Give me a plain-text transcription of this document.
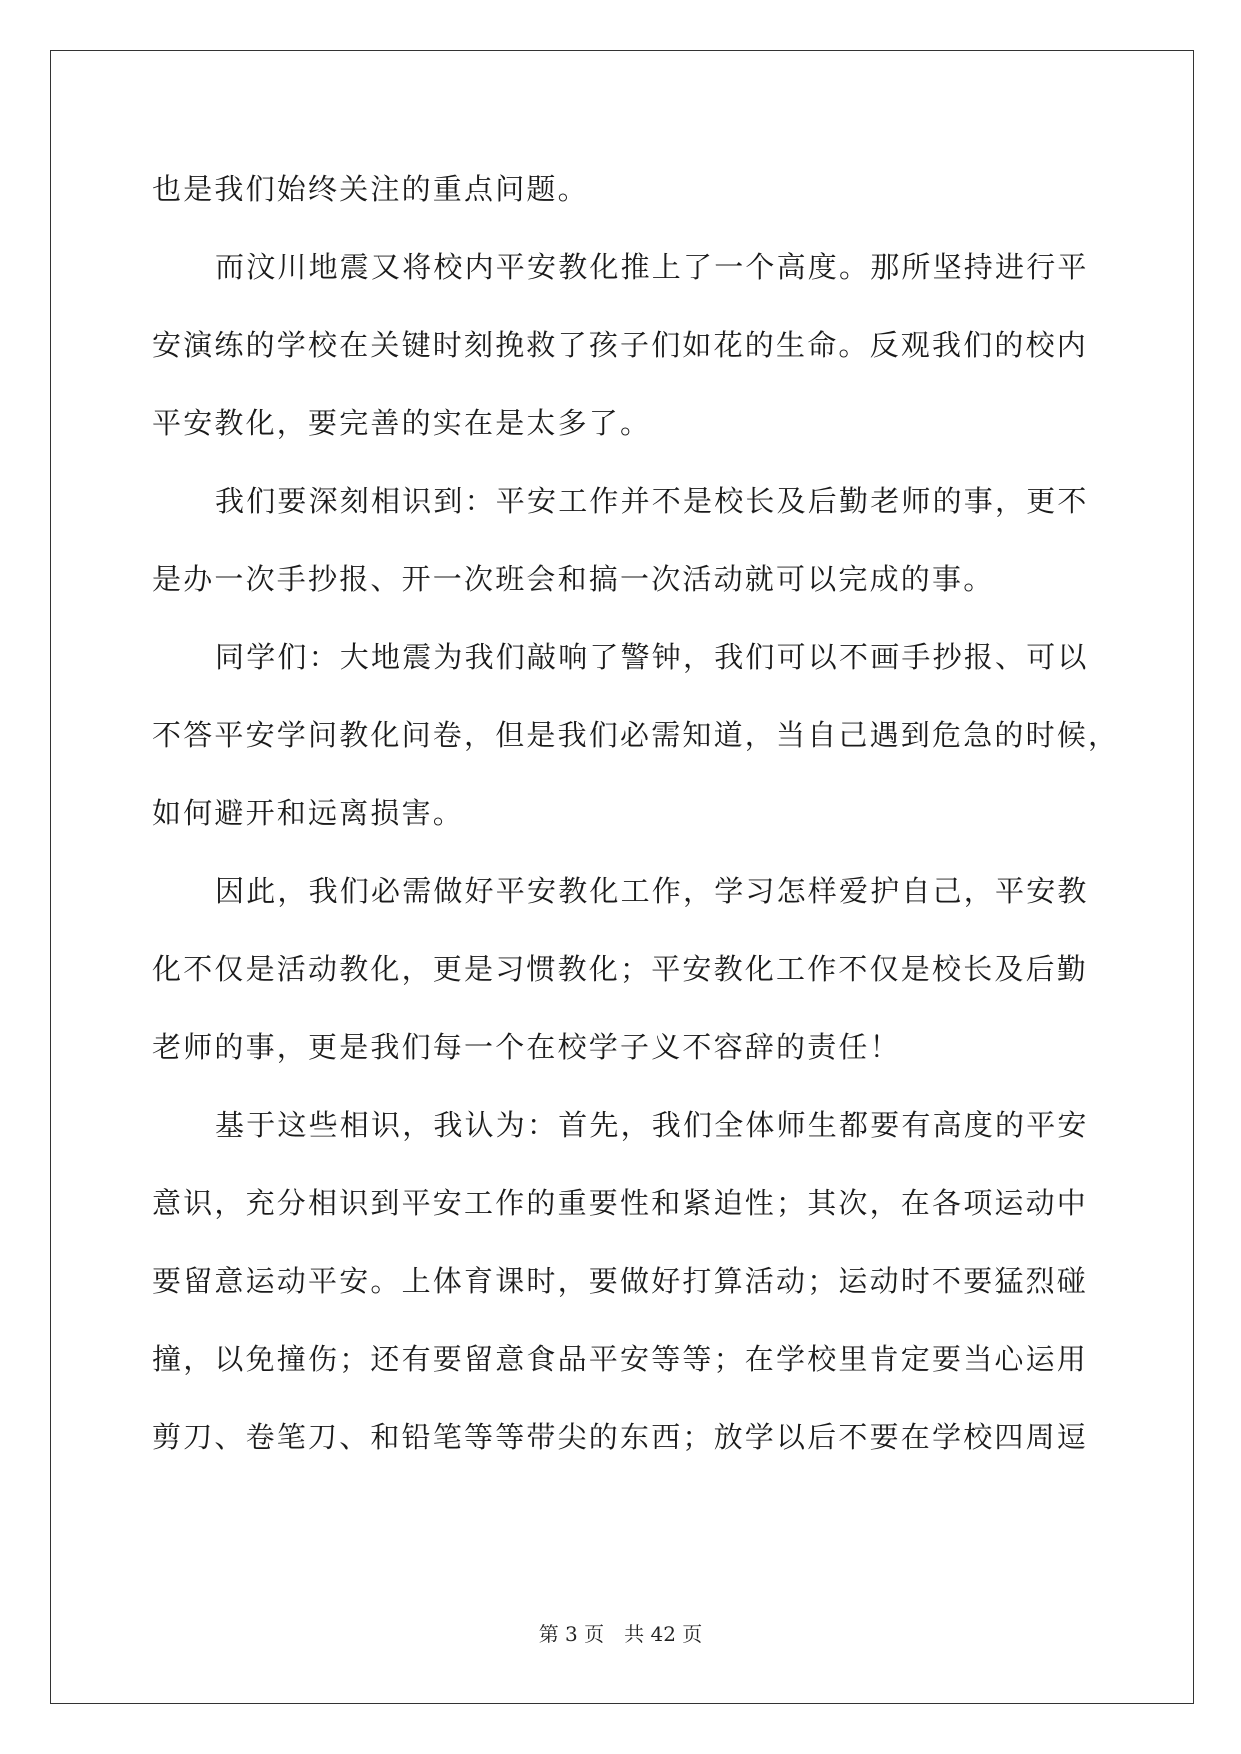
也是我们始终关注的重点问题。
而汶川地震又将校内平安教化推上了一个高度。那所坚持进行平
安演练的学校在关键时刻挽救了孩子们如花的生命。反观我们的校内
平安教化，要完善的实在是太多了。
我们要深刻相识到：平安工作并不是校长及后勤老师的事，更不
是办一次手抄报、开一次班会和搞一次活动就可以完成的事。
同学们：大地震为我们敲响了警钟，我们可以不画手抄报、可以
不答平安学问教化问卷，但是我们必需知道，当自己遇到危急的时候，
如何避开和远离损害。
因此，我们必需做好平安教化工作，学习怎样爱护自己，平安教
化不仅是活动教化，更是习惯教化；平安教化工作不仅是校长及后勤
老师的事，更是我们每一个在校学子义不容辞的责任！
基于这些相识，我认为：首先，我们全体师生都要有高度的平安
意识，充分相识到平安工作的重要性和紧迫性；其次，在各项运动中
要留意运动平安。上体育课时，要做好打算活动；运动时不要猛烈碰
撞，以免撞伤；还有要留意食品平安等等；在学校里肯定要当心运用
剪刀、卷笔刀、和铅笔等等带尖的东西；放学以后不要在学校四周逗
第 3 页　共 42 页
